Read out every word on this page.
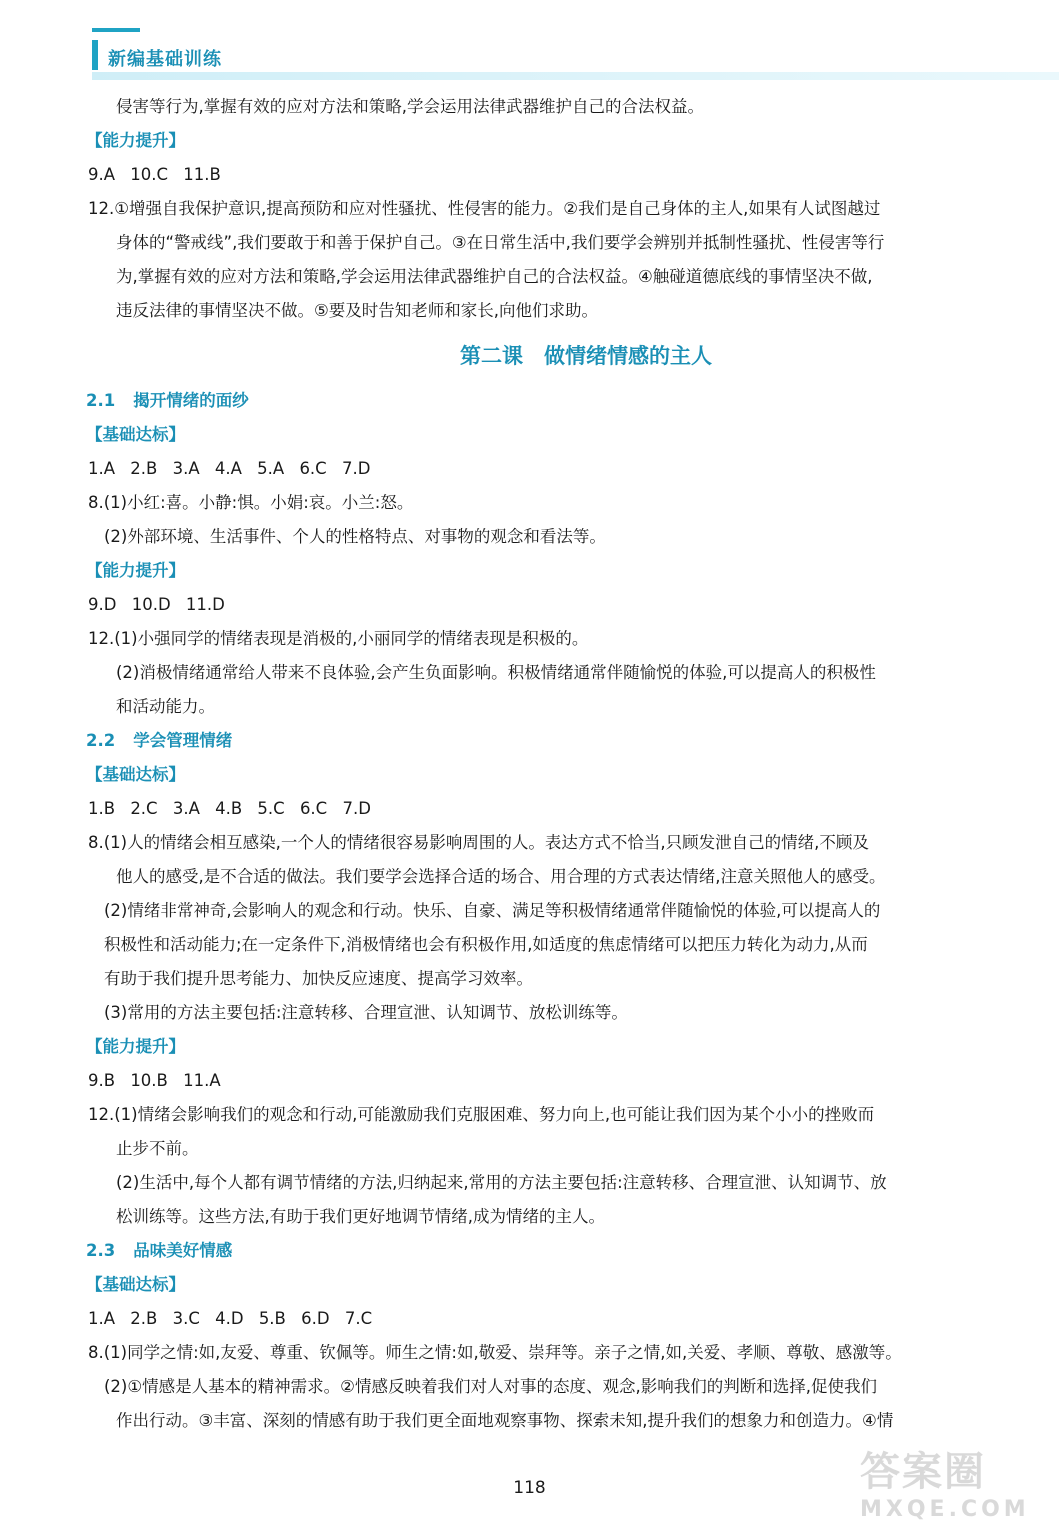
新编基础训练
侵害等行为,掌握有效的应对方法和策略,学会运用法律武器维护自己的合法权益。
【能力提升】
9.A 10.C 11.B
12.①增强自我保护意识,提高预防和应对性骚扰、性侵害的能力。②我们是自己身体的主人,如果有人试图越过
身体的“警戒线”,我们要敢于和善于保护自己。③在日常生活中,我们要学会辨别并抵制性骚扰、性侵害等行
为,掌握有效的应对方法和策略,学会运用法律武器维护自己的合法权益。④触碰道德底线的事情坚决不做,
违反法律的事情坚决不做。⑤要及时告知老师和家长,向他们求助。
第二课　做情绪情感的主人
2.1 揭开情绪的面纱
【基础达标】
1.A 2.B 3.A 4.A 5.A 6.C 7.D
8.(1)小红:喜。小静:惧。小娟:哀。小兰:怒。
(2)外部环境、生活事件、个人的性格特点、对事物的观念和看法等。
【能力提升】
9.D 10.D 11.D
12.(1)小强同学的情绪表现是消极的,小丽同学的情绪表现是积极的。
(2)消极情绪通常给人带来不良体验,会产生负面影响。积极情绪通常伴随愉悦的体验,可以提高人的积极性
和活动能力。
2.2 学会管理情绪
【基础达标】
1.B 2.C 3.A 4.B 5.C 6.C 7.D
8.(1)人的情绪会相互感染,一个人的情绪很容易影响周围的人。表达方式不恰当,只顾发泄自己的情绪,不顾及
他人的感受,是不合适的做法。我们要学会选择合适的场合、用合理的方式表达情绪,注意关照他人的感受。
(2)情绪非常神奇,会影响人的观念和行动。快乐、自豪、满足等积极情绪通常伴随愉悦的体验,可以提高人的
积极性和活动能力;在一定条件下,消极情绪也会有积极作用,如适度的焦虑情绪可以把压力转化为动力,从而
有助于我们提升思考能力、加快反应速度、提高学习效率。
(3)常用的方法主要包括:注意转移、合理宣泄、认知调节、放松训练等。
【能力提升】
9.B 10.B 11.A
12.(1)情绪会影响我们的观念和行动,可能激励我们克服困难、努力向上,也可能让我们因为某个小小的挫败而
止步不前。
(2)生活中,每个人都有调节情绪的方法,归纳起来,常用的方法主要包括:注意转移、合理宣泄、认知调节、放
松训练等。这些方法,有助于我们更好地调节情绪,成为情绪的主人。
2.3 品味美好情感
【基础达标】
1.A 2.B 3.C 4.D 5.B 6.D 7.C
8.(1)同学之情:如,友爱、尊重、钦佩等。师生之情:如,敬爱、崇拜等。亲子之情,如,关爱、孝顺、尊敬、感激等。
(2)①情感是人基本的精神需求。②情感反映着我们对人对事的态度、观念,影响我们的判断和选择,促使我们
作出行动。③丰富、深刻的情感有助于我们更全面地观察事物、探索未知,提升我们的想象力和创造力。④情
118	答案圈
MXQE.COM
